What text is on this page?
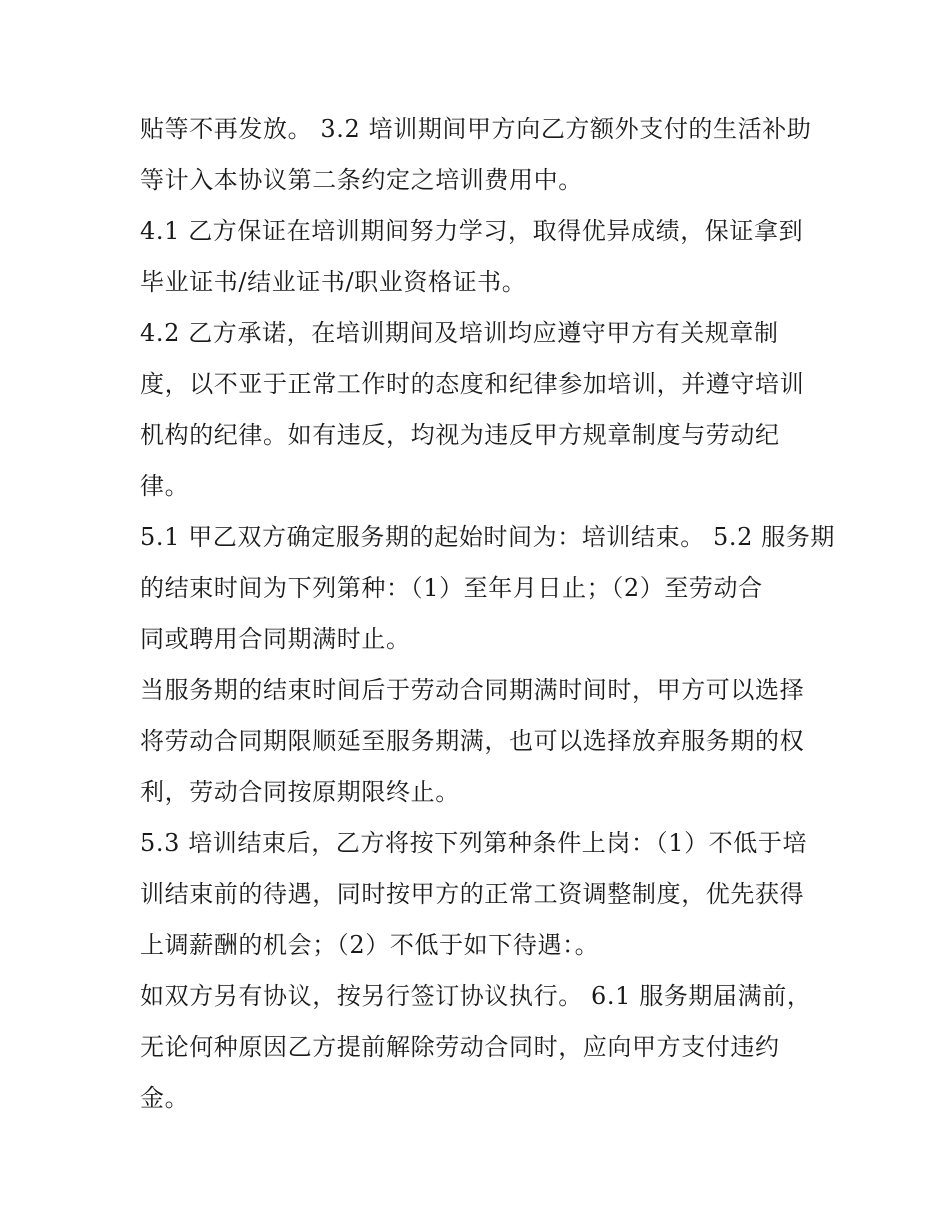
贴等不再发放。 3.2 培训期间甲方向乙方额外支付的生活补助
等计入本协议第二条约定之培训费用中。
4.1 乙方保证在培训期间努力学习，取得优异成绩，保证拿到
毕业证书/结业证书/职业资格证书。
4.2 乙方承诺，在培训期间及培训均应遵守甲方有关规章制
度，以不亚于正常工作时的态度和纪律参加培训，并遵守培训
机构的纪律。如有违反，均视为违反甲方规章制度与劳动纪
律。
5.1 甲乙双方确定服务期的起始时间为：培训结束。 5.2 服务期
的结束时间为下列第种：（1）至年月日止；（2）至劳动合
同或聘用合同期满时止。
当服务期的结束时间后于劳动合同期满时间时，甲方可以选择
将劳动合同期限顺延至服务期满，也可以选择放弃服务期的权
利，劳动合同按原期限终止。
5.3 培训结束后，乙方将按下列第种条件上岗：（1）不低于培
训结束前的待遇，同时按甲方的正常工资调整制度，优先获得
上调薪酬的机会；（2）不低于如下待遇：。
如双方另有协议，按另行签订协议执行。 6.1 服务期届满前，
无论何种原因乙方提前解除劳动合同时，应向甲方支付违约
金。
